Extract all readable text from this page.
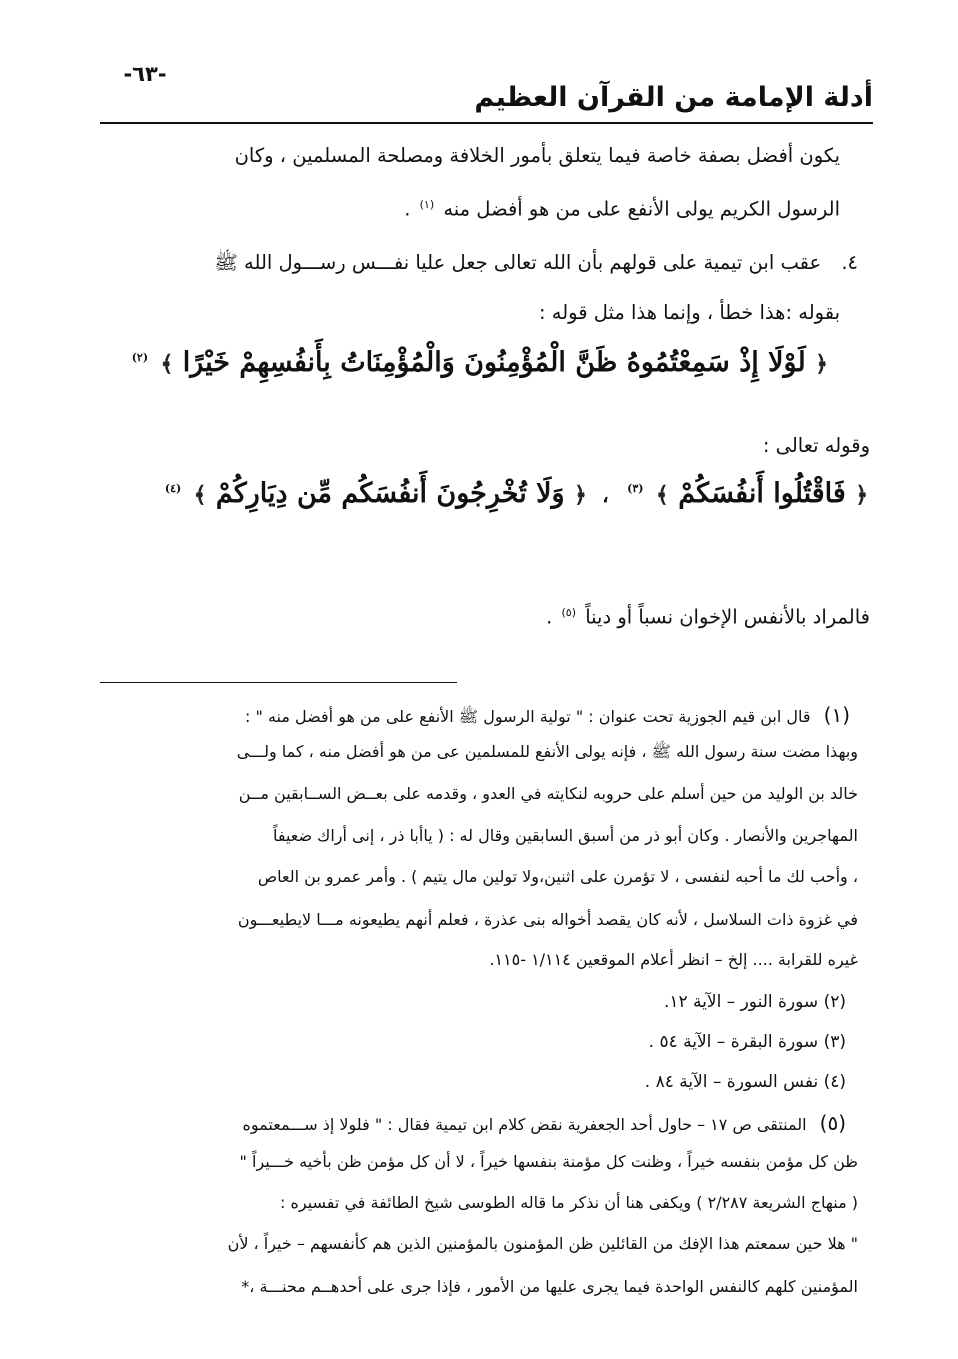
-٦٣-
أدلة الإمامة من القرآن العظيم
يكون أفضل بصفة خاصة فيما يتعلق بأمور الخلافة ومصلحة المسلمين ، وكان
الرسول الكريم يولى الأنفع على من هو أفضل منه $^{(١)}$ .
٤. عقب ابن تيمية على قولهم بأن الله تعالى جعل عليا نفـــس رســـول الله ﷺ
بقوله :هذا خطأ ، وإنما هذا مثل قوله :
﴿ لَوْلَا إِذْ سَمِعْتُمُوهُ ظَنَّ الْمُؤْمِنُونَ وَالْمُؤْمِنَاتُ بِأَنفُسِهِمْ خَيْرًا ﴾ $^{(٢)}$
وقوله تعالى :
﴿ فَاقْتُلُوا أَنفُسَكُمْ ﴾ $^{(٣)}$ ، ﴿ وَلَا تُخْرِجُونَ أَنفُسَكُم مِّن دِيَارِكُمْ ﴾ $^{(٤)}$
فالمراد بالأنفس الإخوان نسباً أو ديناً $^{(٥)}$ .
(١) قال ابن قيم الجوزية تحت عنوان : " تولية الرسول ﷺ الأنفع على من هو أفضل منه " :
وبهذا مضت سنة رسول الله ﷺ ، فإنه يولى الأنفع للمسلمين عى من هو أفضل منه ، كما ولـــى
خالد بن الوليد من حين أسلم على حروبه لنكايته في العدو ، وقدمه على بعــض الســابقين مــن
المهاجرين والأنصار . وكان أبو ذر من أسبق السابقين وقال له : ( ياأبا ذر ، إنى أراك ضعيفاً
، وأحب لك ما أحبه لنفسى ، لا تؤمرن على اثنين،ولا تولين مال يتيم ) . وأمر عمرو بن العاص
في غزوة ذات السلاسل ، لأنه كان يقصد أخواله بنى عذرة ، فعلم أنهم يطيعونه مـــا لايطيعـــون
غيره للقرابة .... إلخ – انظر أعلام الموقعين ١/١١٤ -١١٥.
(٢) سورة النور – الآية ١٢.
(٣) سورة البقرة – الآية ٥٤ .
(٤) نفس السورة – الآية ٨٤ .
(٥) المنتقى ص ١٧ – حاول أحد الجعفرية نقض كلام ابن تيمية فقال : " فلولا إذ ســـمعتموه
ظن كل مؤمن بنفسه خيراً ، وظنت كل مؤمنة بنفسها خيراً ، لا أن كل مؤمن ظن بأخيه خـــيراً "
( منهاج الشريعة ٢/٢٨٧ ) ويكفى هنا أن نذكر ما قاله الطوسى شيخ الطائفة في تفسيره :
" هلا حين سمعتم هذا الإفك من القائلين ظن المؤمنون بالمؤمنين الذين هم كأنفسهم – خيراً ، لأن
المؤمنين كلهم كالنفس الواحدة فيما يجرى عليها من الأمور ، فإذا جرى على أحدهــم محنـــة ،*
